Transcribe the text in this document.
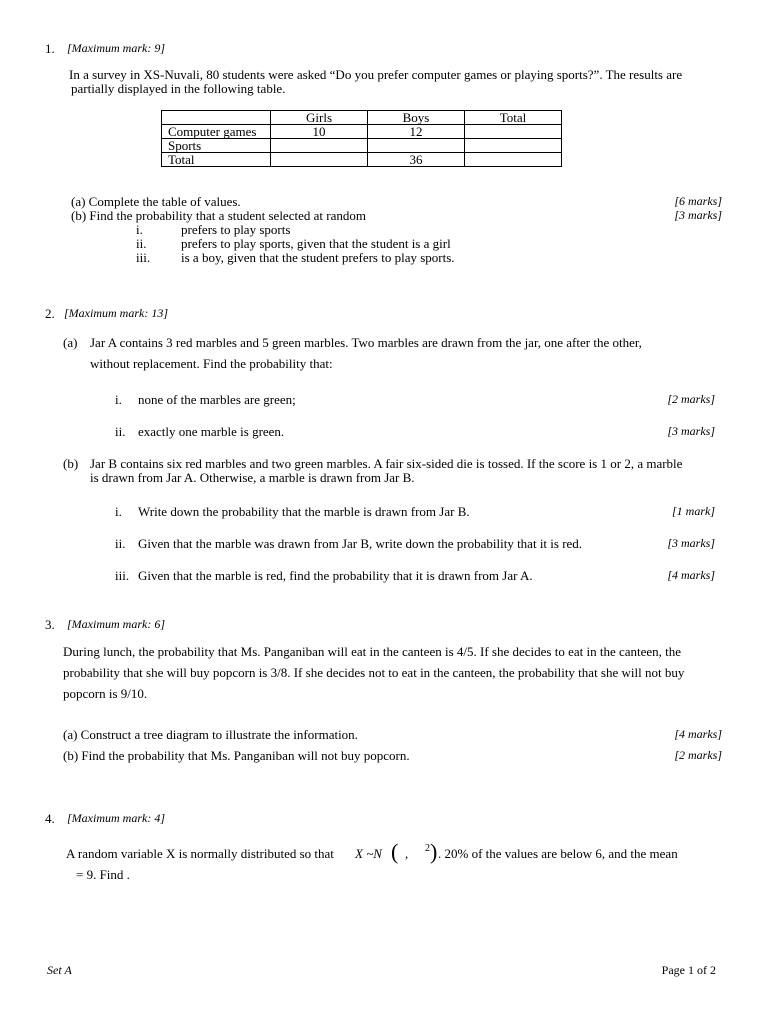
1. [Maximum mark: 9]
In a survey in XS-Nuvali, 80 students were asked “Do you prefer computer games or playing sports?”. The results are
partially displayed in the following table.
	Girls	Boys	Total
Computer games	10	12	
Sports			
Total		36	
(a) Complete the table of values.	[6 marks]
(b) Find the probability that a student selected at random	[3 marks]
i.	prefers to play sports
ii.	prefers to play sports, given that the student is a girl
iii. is a boy, given that the student prefers to play sports.
2. [Maximum mark: 13]
(a) Jar A contains 3 red marbles and 5 green marbles. Two marbles are drawn from the jar, one after the other,
without replacement. Find the probability that:
i. none of the marbles are green;	[2 marks]
ii. exactly one marble is green.	[3 marks]
(b) Jar B contains six red marbles and two green marbles. A fair six-sided die is tossed. If the score is 1 or 2, a marble
is drawn from Jar A. Otherwise, a marble is drawn from Jar B.
i. Write down the probability that the marble is drawn from Jar B.	[1 mark]
ii. Given that the marble was drawn from Jar B, write down the probability that it is red.	[3 marks]
iii. Given that the marble is red, find the probability that it is drawn from Jar A.	[4 marks]
3. [Maximum mark: 6]
During lunch, the probability that Ms. Panganiban will eat in the canteen is 4/5. If she decides to eat in the canteen, the
probability that she will buy popcorn is 3/8. If she decides not to eat in the canteen, the probability that she will not buy
popcorn is 9/10.
(a) Construct a tree diagram to illustrate the information.	[4 marks]
(b) Find the probability that Ms. Panganiban will not buy popcorn.	[2 marks]
4. [Maximum mark: 4]
A random variable X is normally distributed so that X ~N ( , 2 ) . 20% of the values are below 6, and the mean
= 9. Find .
Set A	Page 1 of 2
